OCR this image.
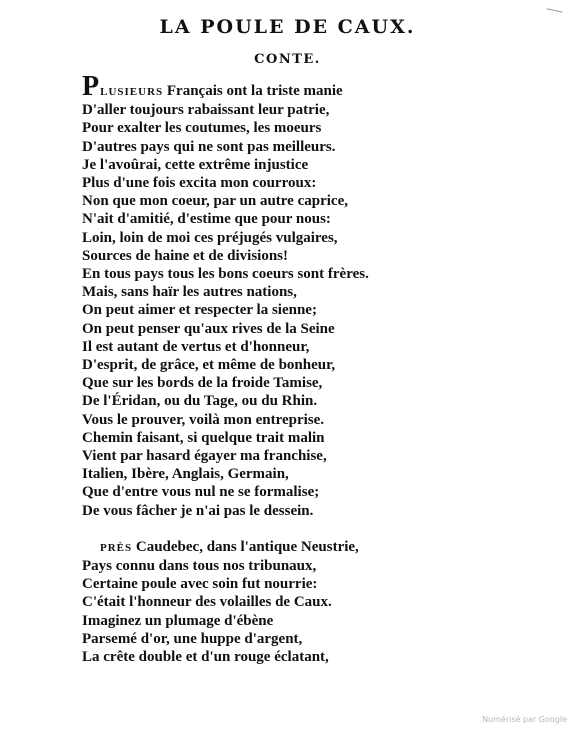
LA POULE DE CAUX.
CONTE.
PLUSIEURS Français ont la triste manie
D'aller toujours rabaissant leur patrie,
Pour exalter les coutumes, les moeurs
D'autres pays qui ne sont pas meilleurs.
Je l'avoûrai, cette extrême injustice
Plus d'une fois excita mon courroux:
Non que mon coeur, par un autre caprice,
N'ait d'amitié, d'estime que pour nous:
Loin, loin de moi ces préjugés vulgaires,
Sources de haine et de divisions!
En tous pays tous les bons coeurs sont frères.
Mais, sans haïr les autres nations,
On peut aimer et respecter la sienne;
On peut penser qu'aux rives de la Seine
Il est autant de vertus et d'honneur,
D'esprit, de grâce, et même de bonheur,
Que sur les bords de la froide Tamise,
De l'Éridan, ou du Tage, ou du Rhin.
Vous le prouver, voilà mon entreprise.
Chemin faisant, si quelque trait malin
Vient par hasard égayer ma franchise,
Italien, Ibère, Anglais, Germain,
Que d'entre vous nul ne se formalise;
De vous fâcher je n'ai pas le dessein.
PRÈS Caudebec, dans l'antique Neustrie,
Pays connu dans tous nos tribunaux,
Certaine poule avec soin fut nourrie:
C'était l'honneur des volailles de Caux.
Imaginez un plumage d'ébène
Parsemé d'or, une huppe d'argent,
La crête double et d'un rouge éclatant,
Numérisé par Google
